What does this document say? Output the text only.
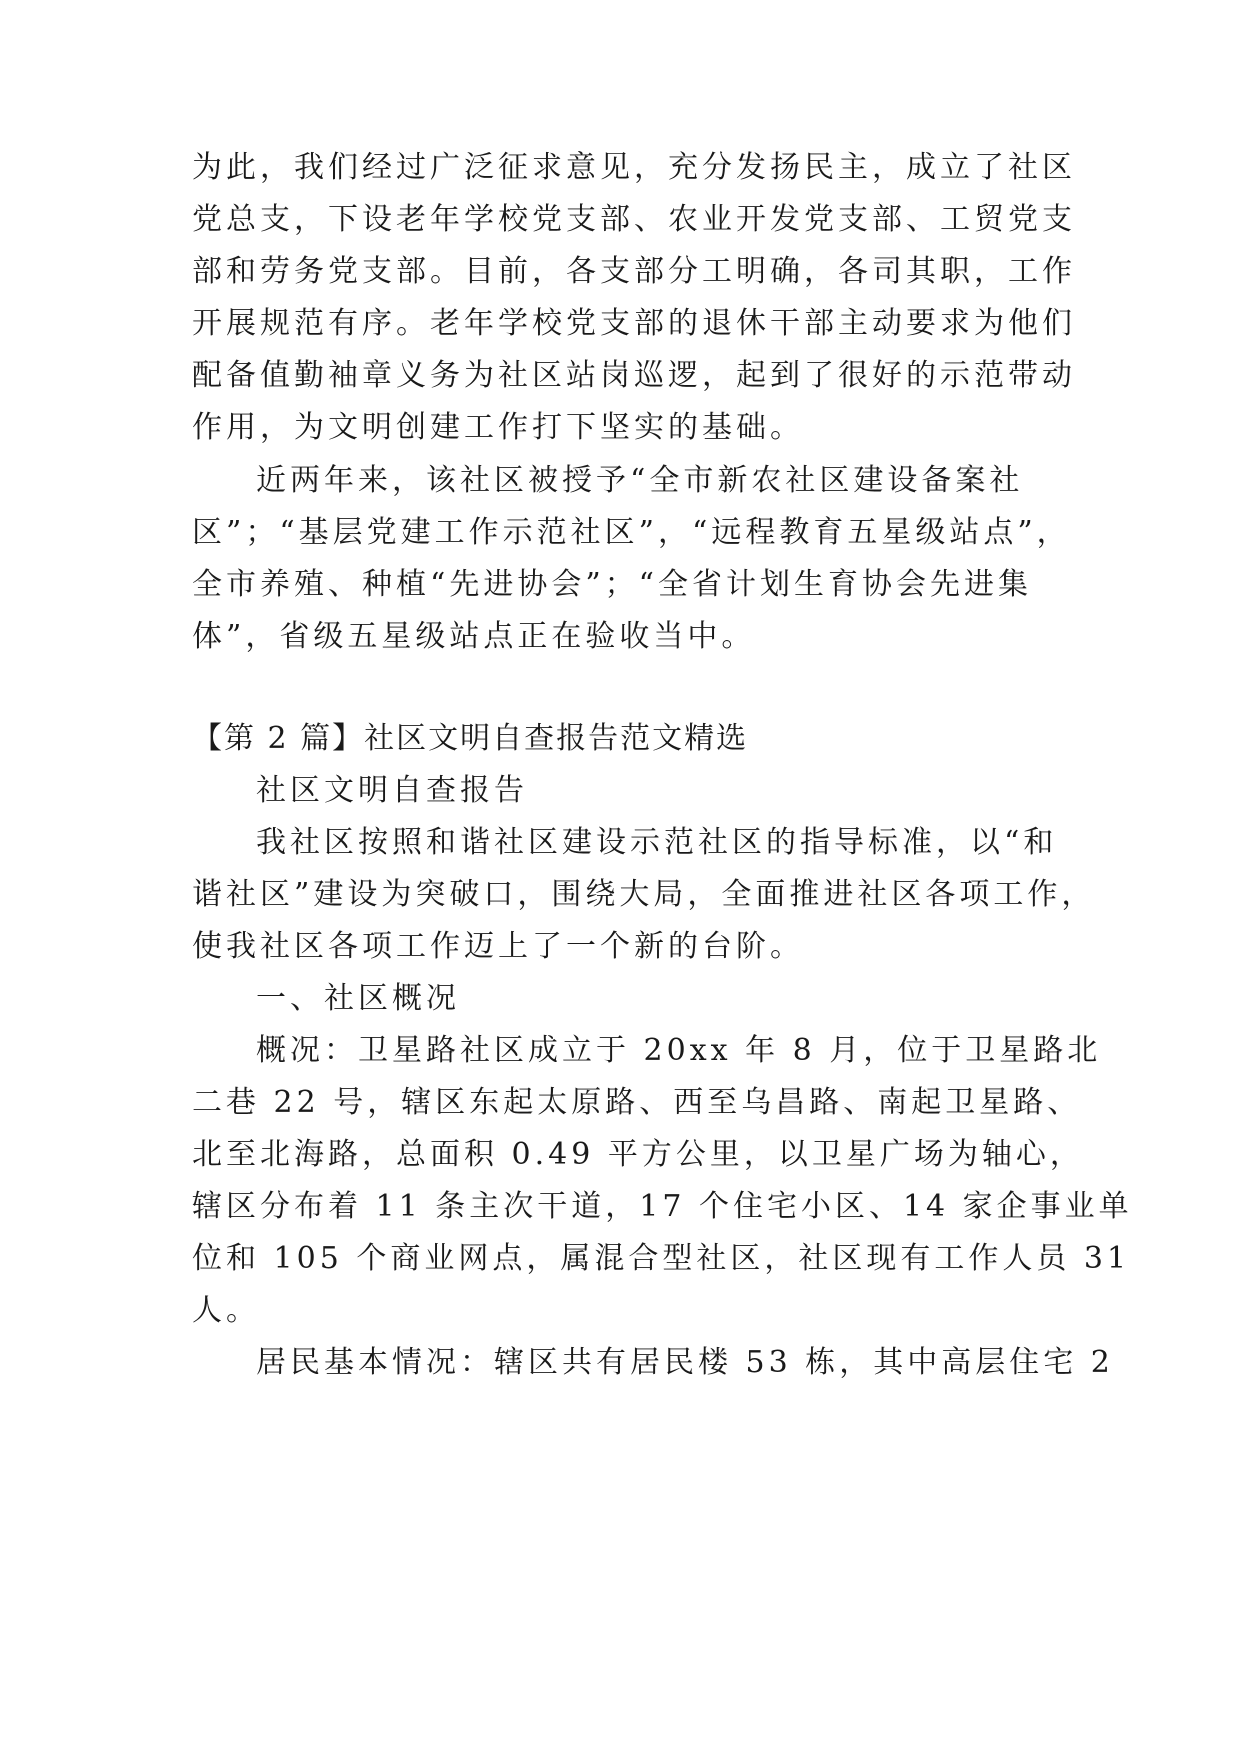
为此，我们经过广泛征求意见，充分发扬民主，成立了社区
党总支，下设老年学校党支部、农业开发党支部、工贸党支
部和劳务党支部。目前，各支部分工明确，各司其职，工作
开展规范有序。老年学校党支部的退休干部主动要求为他们
配备值勤袖章义务为社区站岗巡逻，起到了很好的示范带动
作用，为文明创建工作打下坚实的基础。
近两年来，该社区被授予“全市新农社区建设备案社
区”；“基层党建工作示范社区”，“远程教育五星级站点”，
全市养殖、种植“先进协会”；“全省计划生育协会先进集
体”，省级五星级站点正在验收当中。
【第 2 篇】社区文明自查报告范文精选
社区文明自查报告
我社区按照和谐社区建设示范社区的指导标准，以“和
谐社区”建设为突破口，围绕大局，全面推进社区各项工作，
使我社区各项工作迈上了一个新的台阶。
一、社区概况
概况：卫星路社区成立于 20xx 年 8 月，位于卫星路北
二巷 22 号，辖区东起太原路、西至乌昌路、南起卫星路、
北至北海路，总面积 0.49 平方公里，以卫星广场为轴心，
辖区分布着 11 条主次干道，17 个住宅小区、14 家企事业单
位和 105 个商业网点，属混合型社区，社区现有工作人员 31
人。
居民基本情况：辖区共有居民楼 53 栋，其中高层住宅 2
